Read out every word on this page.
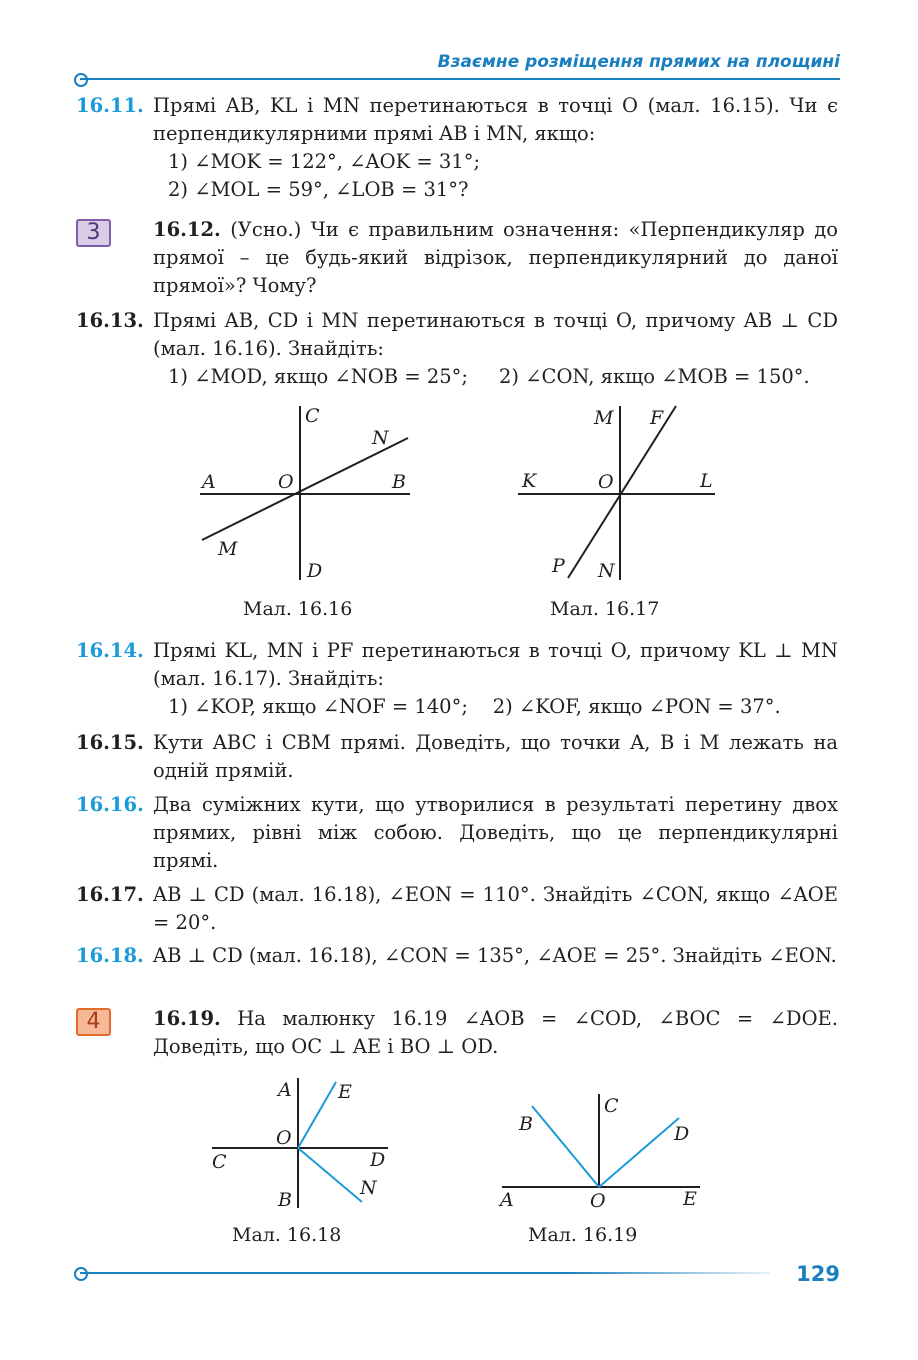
Взаємне розміщення прямих на площині
16.11. Прямі AB, KL і MN перетинаються в точці O (мал. 16.15). Чи є перпендикулярними прямі AB і MN, якщо:
1) ∠MOK = 122°, ∠AOK = 31°;
2) ∠MOL = 59°, ∠LOB = 31°?
3	16.12. (Усно.) Чи є правильним означення: «Перпендикуляр до прямої – це будь-який відрізок, перпендикулярний до даної прямої»? Чому?
16.13. Прямі AB, CD і MN перетинаються в точці O, причому AB ⊥ CD (мал. 16.16). Знайдіть:
1) ∠MOD, якщо ∠NOB = 25°;     2) ∠CON, якщо ∠MOB = 150°.
A	O	B
C
D
N
M
Мал. 16.16
K	O	L
M F
P N
Мал. 16.17
16.14. Прямі KL, MN і PF перетинаються в точці O, причому KL ⊥ MN (мал. 16.17). Знайдіть:
1) ∠KOP, якщо ∠NOF = 140°;    2) ∠KOF, якщо ∠PON = 37°.
16.15. Кути ABC і CBM прямі. Доведіть, що точки A, B і M лежать на одній прямій.
16.16. Два суміжних кути, що утворилися в результаті перетину двох прямих, рівні між собою. Доведіть, що це перпендикулярні прямі.
16.17. AB ⊥ CD (мал. 16.18), ∠EON = 110°. Знайдіть ∠CON, якщо ∠AOE = 20°.
16.18. AB ⊥ CD (мал. 16.18), ∠CON = 135°, ∠AOE = 25°. Знайдіть ∠EON.
4	16.19. На малюнку 16.19 ∠AOB = ∠COD, ∠BOC = ∠DOE. Доведіть, що OC ⊥ AE і BO ⊥ OD.
A E
O
C	D
B
N
Мал. 16.18
B
C
D
A	O	E
Мал. 16.19
129
